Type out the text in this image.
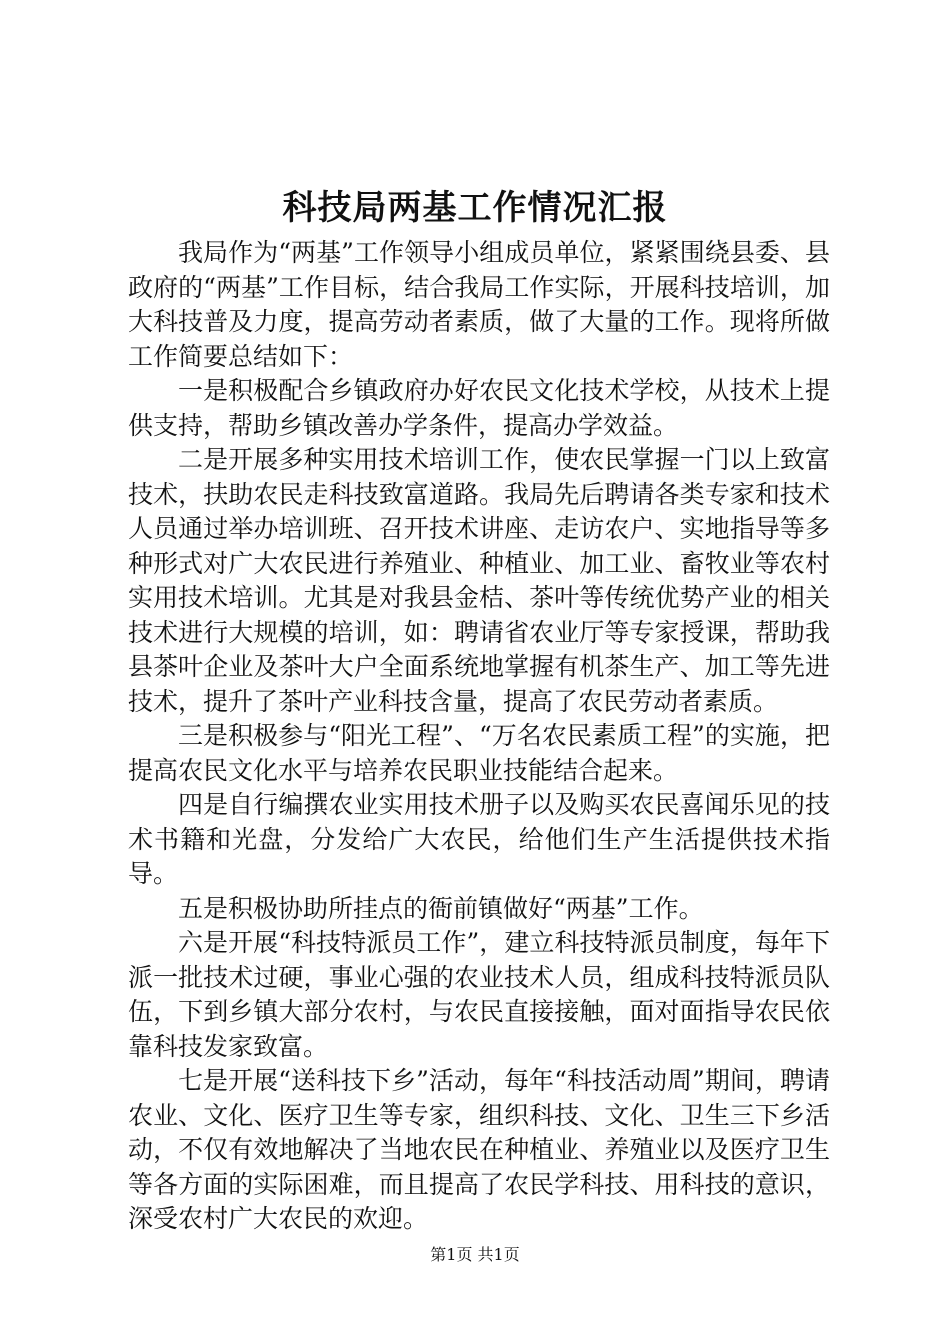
科技局两基工作情况汇报

我局作为“两基”工作领导小组成员单位，紧紧围绕县委、县政府的“两基”工作目标，结合我局工作实际，开展科技培训，加大科技普及力度，提高劳动者素质，做了大量的工作。现将所做工作简要总结如下：

一是积极配合乡镇政府办好农民文化技术学校，从技术上提供支持，帮助乡镇改善办学条件，提高办学效益。

二是开展多种实用技术培训工作，使农民掌握一门以上致富技术，扶助农民走科技致富道路。我局先后聘请各类专家和技术人员通过举办培训班、召开技术讲座、走访农户、实地指导等多种形式对广大农民进行养殖业、种植业、加工业、畜牧业等农村实用技术培训。尤其是对我县金桔、茶叶等传统优势产业的相关技术进行大规模的培训，如：聘请省农业厅等专家授课，帮助我县茶叶企业及茶叶大户全面系统地掌握有机茶生产、加工等先进技术，提升了茶叶产业科技含量，提高了农民劳动者素质。

三是积极参与“阳光工程”、“万名农民素质工程”的实施，把提高农民文化水平与培养农民职业技能结合起来。

四是自行编撰农业实用技术册子以及购买农民喜闻乐见的技术书籍和光盘，分发给广大农民，给他们生产生活提供技术指导。

五是积极协助所挂点的衙前镇做好“两基”工作。

六是开展“科技特派员工作”，建立科技特派员制度，每年下派一批技术过硬，事业心强的农业技术人员，组成科技特派员队伍，下到乡镇大部分农村，与农民直接接触，面对面指导农民依靠科技发家致富。

七是开展“送科技下乡”活动，每年“科技活动周”期间，聘请农业、文化、医疗卫生等专家，组织科技、文化、卫生三下乡活动，不仅有效地解决了当地农民在种植业、养殖业以及医疗卫生等各方面的实际困难，而且提高了农民学科技、用科技的意识，深受农村广大农民的欢迎。

第1页 共1页
